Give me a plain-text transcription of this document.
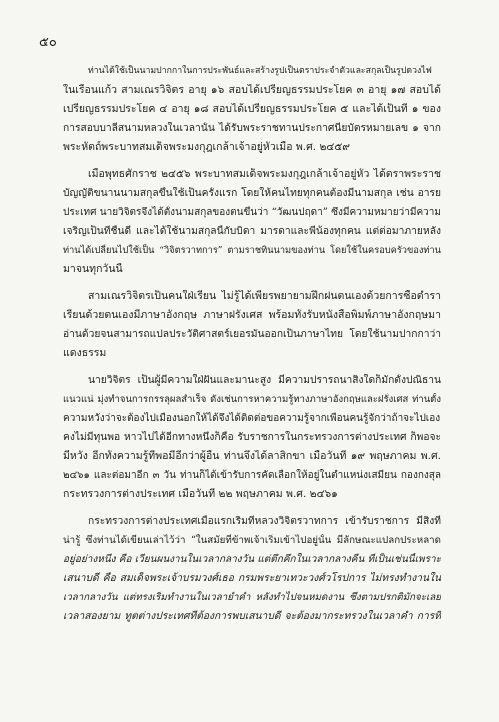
๕๐
ท่านได้ใช้เป็นนามปากกาในการประพันธ์และสร้างรูปเป็นตราประจำตัวและสกุลเป็นรูปดวงไฟ
ในเรือนแก้ว สามเณรวิจิตร อายุ ๑๖ สอบได้เปรียญธรรมประโยค ๓ อายุ ๑๗ สอบได้
เปรียญธรรมประโยค ๔ อายุ ๑๘ สอบได้เปรียญธรรมประโยค ๕ และได้เป็นที่ ๑ ของ
การสอบบาลีสนามหลวงในเวลานั้น ได้รับพระราชทานประกาศนียบัตรหมายเลข ๑ จาก
พระหัตถ์พระบาทสมเด็จพระมงกุฎเกล้าเจ้าอยู่หัวเมื่อ พ.ศ. ๒๔๕๙
เมื่อพุทธศักราช ๒๔๕๖ พระบาทสมเด็จพระมงกุฎเกล้าเจ้าอยู่หัว ได้ตราพระราช
บัญญัติขนานนามสกุลขึ้นใช้เป็นครั้งแรก โดยให้คนไทยทุกคนต้องมีนามสกุล เช่น อารย
ประเทศ นายวิจิตรจึงได้ตั้งนามสกุลของตนขึ้นว่า “วัฒนปฤดา” ซึ่งมีความหมายว่ามีความ
เจริญเป็นที่ชื่นดี และได้ใช้นามสกุลนี้กับบิดา มารดาและพี่น้องทุกคน แต่ต่อมาภายหลัง
ท่านได้เปลี่ยนไปใช้เป็น “วิจิตรวาทการ” ตามราชทินนามของท่าน โดยใช้ในครอบครัวของท่าน
มาจนทุกวันนี้
สามเณรวิจิตรเป็นคนใฝ่เรียน ไม่รู้ได้เพียรพยายามฝึกฝนตนเองด้วยการซื้อตำรา
เรียนด้วยตนเองมีภาษาอังกฤษ ภาษาฝรั่งเศส พร้อมทั้งรับหนังสือพิมพ์ภาษาอังกฤษมา
อ่านด้วยจนสามารถแปลประวัติศาสตร์เยอรมันออกเป็นภาษาไทย โดยใช้นามปากกาว่า
แดงธรรม
นายวิจิตร เป็นผู้มีความใฝ่ฝันและมานะสูง มีความปรารถนาสิ่งใดก็มักตั้งปณิธาน
แนวแน่ มุ่งทำจนการกรรลุผลสำเร็จ ดังเช่นการหาความรู้ทางภาษาอังกฤษและฝรั่งเศส ท่านตั้ง
ความหวังว่าจะต้องไปเมืองนอกให้ได้จึงได้ติดต่อขอความรู้จากเพื่อนคนรู้จักว่าถ้าจะไปเอง
คงไม่มีทุนพอ หาวไปได้อีกทางหนึ่งก็คือ รับราชการในกระทรวงการต่างประเทศ ก็พอจะ
มีหวัง อีกทั้งความรู้ทีพอมีอีกว่าผู้อื่น ท่านจึงได้ลาสิกขา เมื่อวันที่ ๑๙ พฤษภาคม พ.ศ.
๒๔๖๑ และต่อมาอีก ๓ วัน ท่านก็ได้เข้ารับการคัดเลือกให้อยู่ในตำแหน่งเสมียน กองกงสุล
กระทรวงการต่างประเทศ เมื่อวันที่ ๒๒ พฤษภาคม พ.ศ. ๒๔๖๑
กระทรวงการต่างประเทศเมื่อแรกเริ่มที่หลวงวิจิตรวาทการ เข้ารับราชการ มีสิ่งที่
น่ารู้ ซึ่งท่านได้เขียนเล่าไว้ว่า “ในสมัยที่ข้าพเจ้าเริ่มเข้าไปอยู่นั้น มีลักษณะแปลกประหลาด
อยู่อย่างหนึ่ง คือ เวียนผนงานในเวลากลางวัน แต่ตึกคึกในเวลากลางคืน ที่เป็นเช่นนี้เพราะ
เสนาบดี คือ สมเด็จพระเจ้าบรมวงศ์เธอ กรมพระยาเทวะวงศ์วโรปการ ไม่ทรงทำงานใน
เวลากลางวัน แต่ทรงเริ่มทำงานในเวลาย่ำค่ำ หลังทำไปจนหมดงาน ซึ่งตามปรกติมักจะเลย
เวลาสองยาม ทูตต่างประเทศที่ต้องการพบเสนาบดี จะต้องมากระทรวงในเวลาค่ำ การที่
